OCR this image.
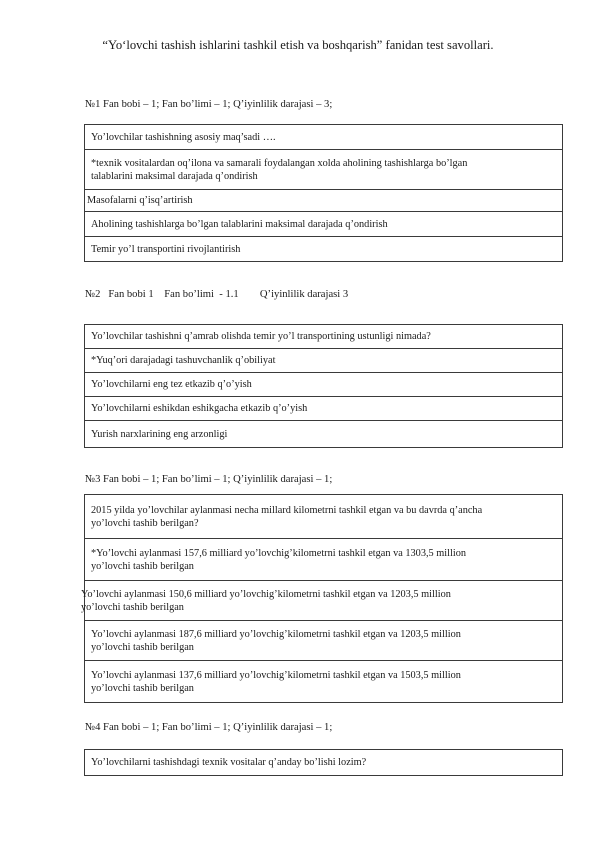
“Yo‘lovchi tashish ishlarini tashkil etish va boshqarish” fanidan test savollari.
№1 Fan bobi – 1; Fan bo’limi – 1; Q’iyinlilik darajasi – 3;
Yo’lovchilar tashishning asosiy maq’sadi ….

*texnik vositalardan oq’ilona va samarali foydalangan xolda aholining tashishlarga bo’lgan
talablarini maksimal darajada q’ondirish

Masofalarni q’isq’artirish

Aholining tashishlarga bo’lgan talablarini maksimal darajada q’ondirish

Temir yo’l transportini rivojlantirish
№2   Fan bobi 1    Fan bo’limi  - 1.1        Q’iyinlilik darajasi 3
Yo’lovchilar tashishni q’amrab olishda temir yo’l transportining ustunligi nimada?

*Yuq’ori darajadagi tashuvchanlik q’obiliyat

Yo’lovchilarni eng tez etkazib q’o’yish

Yo’lovchilarni eshikdan eshikgacha etkazib q’o’yish

Yurish narxlarining eng arzonligi
№3 Fan bobi – 1; Fan bo’limi – 1; Q’iyinlilik darajasi – 1;
2015 yilda yo’lovchilar aylanmasi necha millard kilometrni tashkil etgan va bu davrda q’ancha
yo’lovchi tashib berilgan?

*Yo’lovchi aylanmasi 157,6 milliard yo’lovchig’kilometrni tashkil etgan va 1303,5 million
yo’lovchi tashib berilgan

Yo’lovchi aylanmasi 150,6 milliard yo’lovchig’kilometrni tashkil etgan va 1203,5 million
yo’lovchi tashib berilgan

Yo’lovchi aylanmasi 187,6 milliard yo’lovchig’kilometrni tashkil etgan va 1203,5 million
yo’lovchi tashib berilgan

Yo’lovchi aylanmasi 137,6 milliard yo’lovchig’kilometrni tashkil etgan va 1503,5 million
yo’lovchi tashib berilgan
№4 Fan bobi – 1; Fan bo’limi – 1; Q’iyinlilik darajasi – 1;
Yo’lovchilarni tashishdagi texnik vositalar q’anday bo’lishi lozim?
